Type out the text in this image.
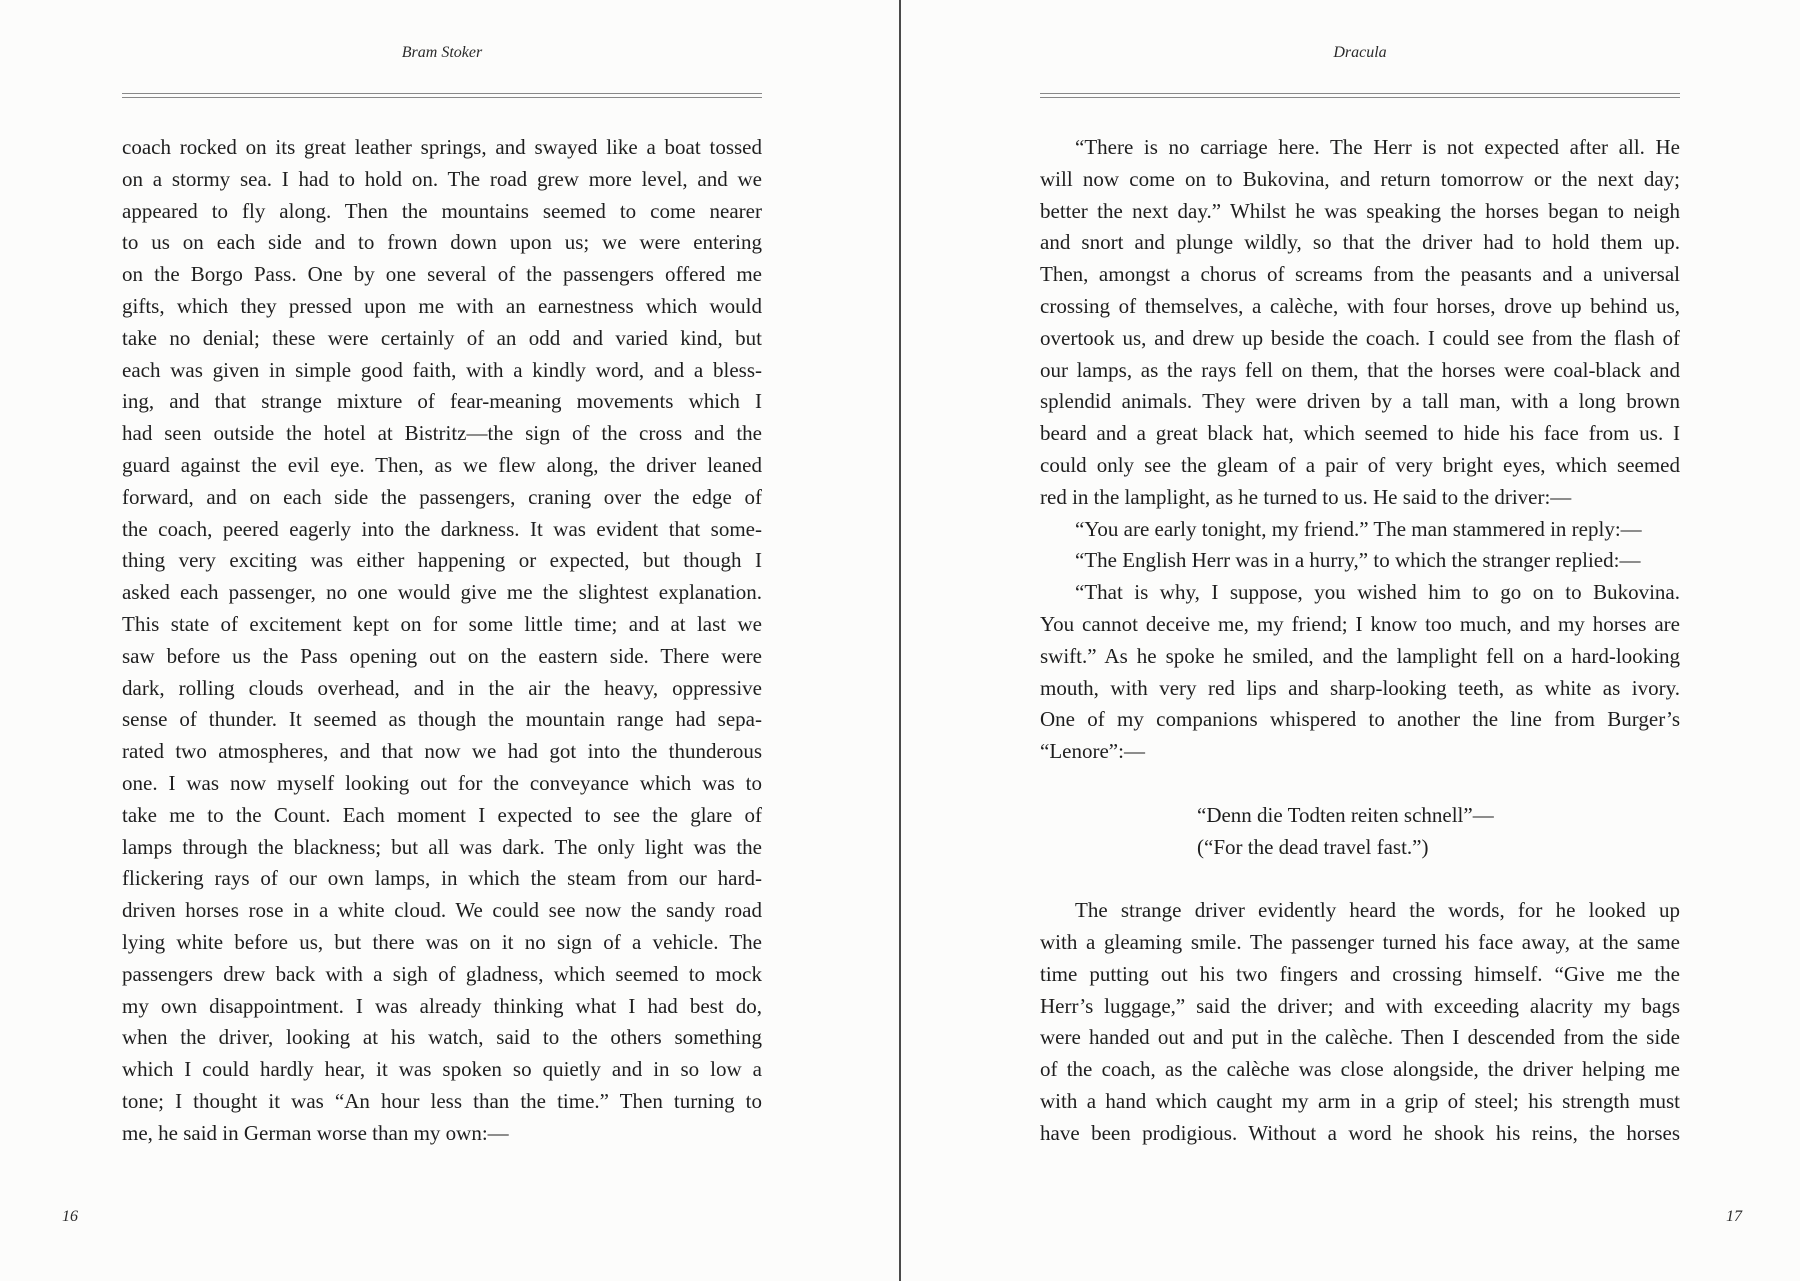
Bram Stoker
coach rocked on its great leather springs, and swayed like a boat tossed
on a stormy sea. I had to hold on. The road grew more level, and we
appeared to fly along. Then the mountains seemed to come nearer
to us on each side and to frown down upon us; we were entering
on the Borgo Pass. One by one several of the passengers offered me
gifts, which they pressed upon me with an earnestness which would
take no denial; these were certainly of an odd and varied kind, but
each was given in simple good faith, with a kindly word, and a bless-
ing, and that strange mixture of fear-meaning movements which I
had seen outside the hotel at Bistritz—the sign of the cross and the
guard against the evil eye. Then, as we flew along, the driver leaned
forward, and on each side the passengers, craning over the edge of
the coach, peered eagerly into the darkness. It was evident that some-
thing very exciting was either happening or expected, but though I
asked each passenger, no one would give me the slightest explanation.
This state of excitement kept on for some little time; and at last we
saw before us the Pass opening out on the eastern side. There were
dark, rolling clouds overhead, and in the air the heavy, oppressive
sense of thunder. It seemed as though the mountain range had sepa-
rated two atmospheres, and that now we had got into the thunderous
one. I was now myself looking out for the conveyance which was to
take me to the Count. Each moment I expected to see the glare of
lamps through the blackness; but all was dark. The only light was the
flickering rays of our own lamps, in which the steam from our hard-
driven horses rose in a white cloud. We could see now the sandy road
lying white before us, but there was on it no sign of a vehicle. The
passengers drew back with a sigh of gladness, which seemed to mock
my own disappointment. I was already thinking what I had best do,
when the driver, looking at his watch, said to the others something
which I could hardly hear, it was spoken so quietly and in so low a
tone; I thought it was “An hour less than the time.” Then turning to
me, he said in German worse than my own:—
16
Dracula
“There is no carriage here. The Herr is not expected after all. He
will now come on to Bukovina, and return tomorrow or the next day;
better the next day.” Whilst he was speaking the horses began to neigh
and snort and plunge wildly, so that the driver had to hold them up.
Then, amongst a chorus of screams from the peasants and a universal
crossing of themselves, a calèche, with four horses, drove up behind us,
overtook us, and drew up beside the coach. I could see from the flash of
our lamps, as the rays fell on them, that the horses were coal-black and
splendid animals. They were driven by a tall man, with a long brown
beard and a great black hat, which seemed to hide his face from us. I
could only see the gleam of a pair of very bright eyes, which seemed
red in the lamplight, as he turned to us. He said to the driver:—
“You are early tonight, my friend.” The man stammered in reply:—
“The English Herr was in a hurry,” to which the stranger replied:—
“That is why, I suppose, you wished him to go on to Bukovina.
You cannot deceive me, my friend; I know too much, and my horses are
swift.” As he spoke he smiled, and the lamplight fell on a hard-looking
mouth, with very red lips and sharp-looking teeth, as white as ivory.
One of my companions whispered to another the line from Burger’s
“Lenore”:—
“Denn die Todten reiten schnell”—
(“For the dead travel fast.”)
The strange driver evidently heard the words, for he looked up
with a gleaming smile. The passenger turned his face away, at the same
time putting out his two fingers and crossing himself. “Give me the
Herr’s luggage,” said the driver; and with exceeding alacrity my bags
were handed out and put in the calèche. Then I descended from the side
of the coach, as the calèche was close alongside, the driver helping me
with a hand which caught my arm in a grip of steel; his strength must
have been prodigious. Without a word he shook his reins, the horses
17
